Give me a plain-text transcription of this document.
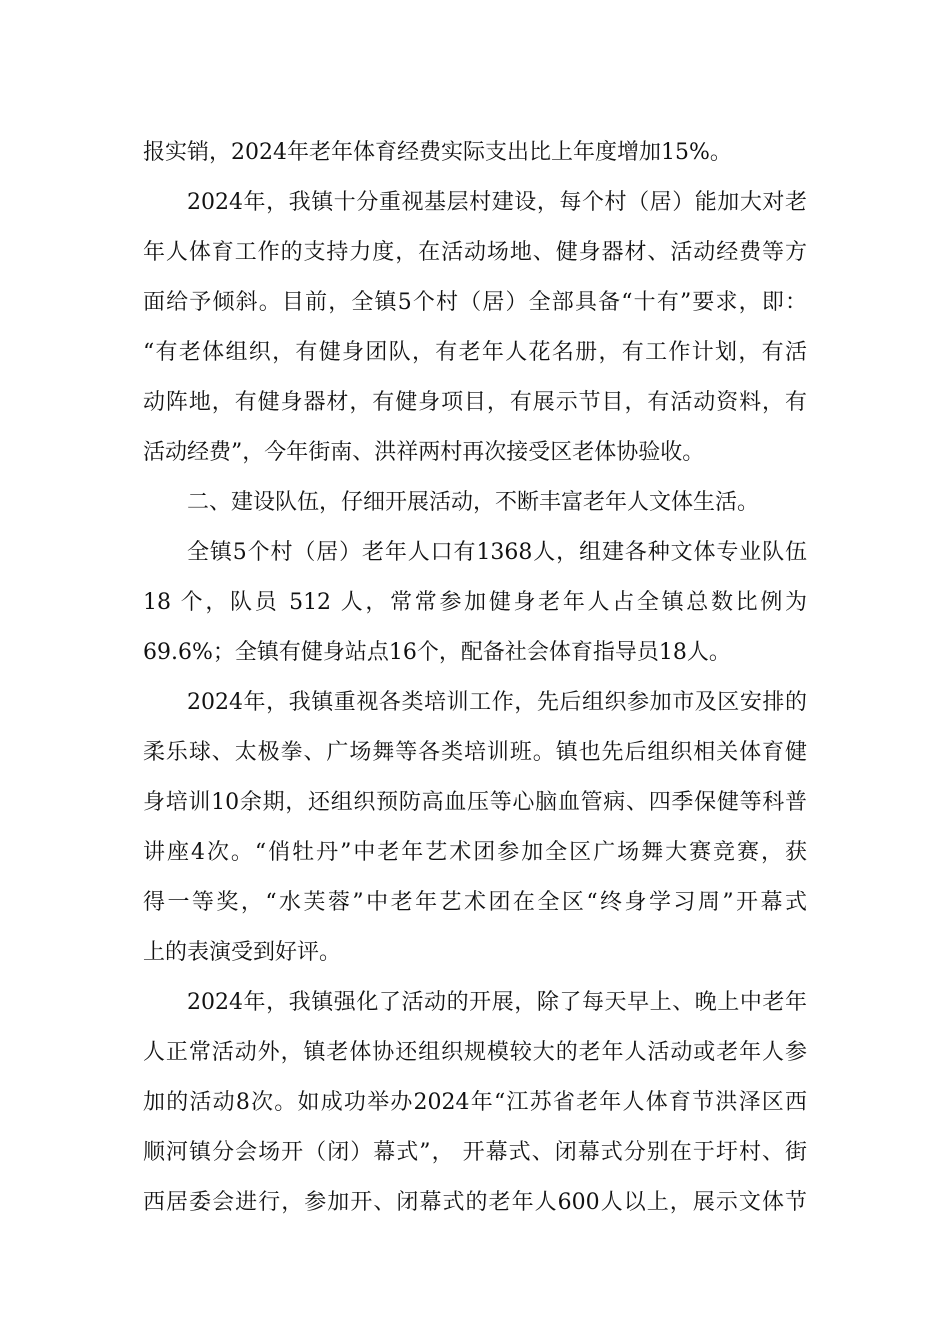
报实销，2024年老年体育经费实际支出比上年度增加15%。
2024年，我镇十分重视基层村建设，每个村（居）能加大对老
年人体育工作的支持力度，在活动场地、健身器材、活动经费等方
面给予倾斜。目前，全镇5个村（居）全部具备“十有”要求，即：
“有老体组织，有健身团队，有老年人花名册，有工作计划，有活
动阵地，有健身器材，有健身项目，有展示节目，有活动资料，有
活动经费”，今年街南、洪祥两村再次接受区老体协验收。
二、建设队伍，仔细开展活动，不断丰富老年人文体生活。
全镇5个村（居）老年人口有1368人，组建各种文体专业队伍
18 个，队员 512 人，常常参加健身老年人占全镇总数比例为
69.6%；全镇有健身站点16个，配备社会体育指导员18人。
2024年，我镇重视各类培训工作，先后组织参加市及区安排的
柔乐球、太极拳、广场舞等各类培训班。镇也先后组织相关体育健
身培训10余期，还组织预防高血压等心脑血管病、四季保健等科普
讲座4次。“俏牡丹”中老年艺术团参加全区广场舞大赛竞赛，获
得一等奖，“水芙蓉”中老年艺术团在全区“终身学习周”开幕式
上的表演受到好评。
2024年，我镇强化了活动的开展，除了每天早上、晚上中老年
人正常活动外，镇老体协还组织规模较大的老年人活动或老年人参
加的活动8次。如成功举办2024年“江苏省老年人体育节洪泽区西
顺河镇分会场开（闭）幕式”， 开幕式、闭幕式分别在于圩村、街
西居委会进行，参加开、闭幕式的老年人600人以上，展示文体节
